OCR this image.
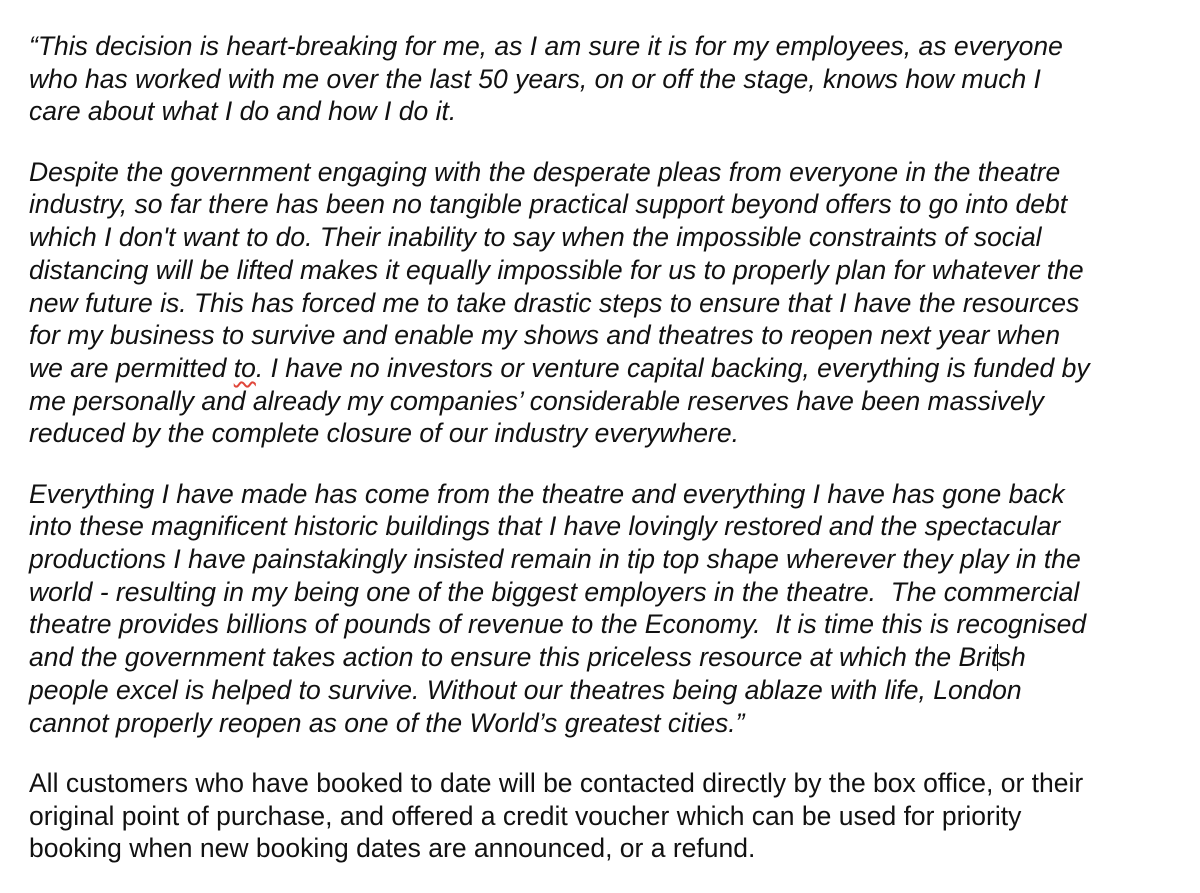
“This decision is heart-breaking for me, as I am sure it is for my employees, as everyone
who has worked with me over the last 50 years, on or off the stage, knows how much I
care about what I do and how I do it.
Despite the government engaging with the desperate pleas from everyone in the theatre
industry, so far there has been no tangible practical support beyond offers to go into debt
which I don't want to do. Their inability to say when the impossible constraints of social
distancing will be lifted makes it equally impossible for us to properly plan for whatever the
new future is. This has forced me to take drastic steps to ensure that I have the resources
for my business to survive and enable my shows and theatres to reopen next year when
we are permitted to. I have no investors or venture capital backing, everything is funded by
me personally and already my companies’ considerable reserves have been massively
reduced by the complete closure of our industry everywhere.
Everything I have made has come from the theatre and everything I have has gone back
into these magnificent historic buildings that I have lovingly restored and the spectacular
productions I have painstakingly insisted remain in tip top shape wherever they play in the
world - resulting in my being one of the biggest employers in the theatre.  The commercial
theatre provides billions of pounds of revenue to the Economy.  It is time this is recognised
and the government takes action to ensure this priceless resource at which the Britsh
people excel is helped to survive. Without our theatres being ablaze with life, London
cannot properly reopen as one of the World’s greatest cities.”
All customers who have booked to date will be contacted directly by the box office, or their
original point of purchase, and offered a credit voucher which can be used for priority
booking when new booking dates are announced, or a refund.
